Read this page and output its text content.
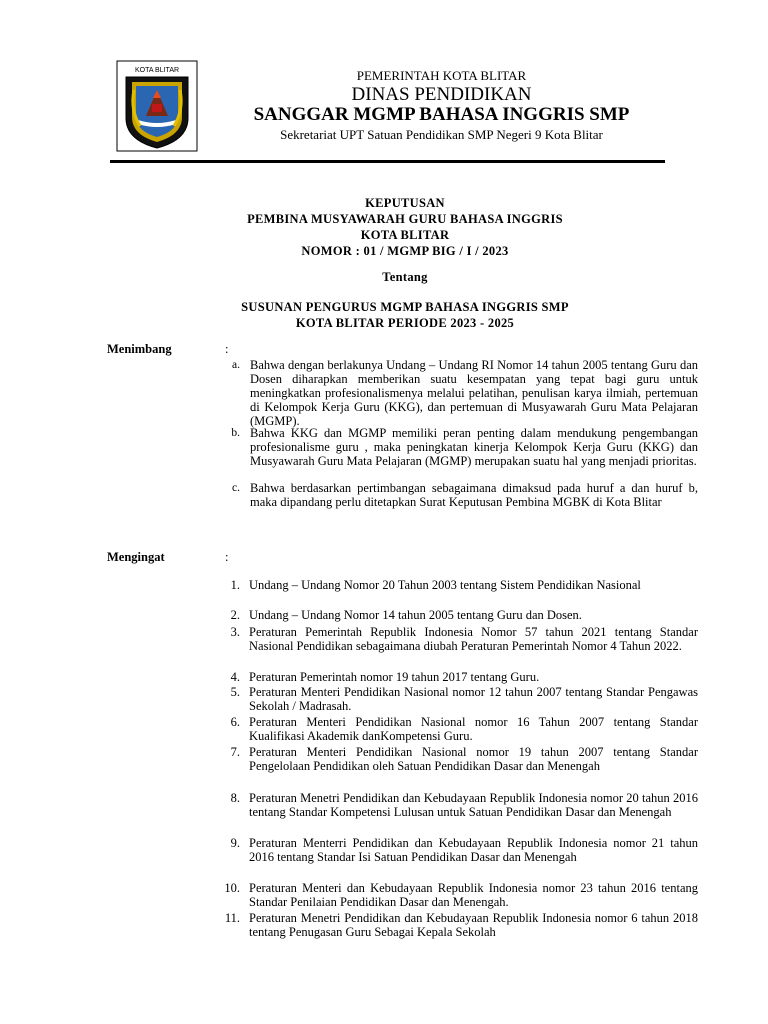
KOTA BLITAR	PEMERINTAH KOTA BLITAR
DINAS PENDIDIKAN
SANGGAR MGMP BAHASA INGGRIS SMP
Sekretariat UPT Satuan Pendidikan SMP Negeri 9 Kota Blitar
KEPUTUSAN
PEMBINA MUSYAWARAH GURU BAHASA INGGRIS
KOTA BLITAR
NOMOR : 01 / MGMP BIG / I / 2023
Tentang
SUSUNAN PENGURUS MGMP BAHASA INGGRIS SMP
KOTA BLITAR PERIODE 2023 - 2025
Menimbang	:
a. Bahwa dengan berlakunya Undang – Undang RI Nomor 14 tahun 2005 tentang Guru dan Dosen diharapkan memberikan suatu kesempatan yang tepat bagi guru untuk meningkatkan profesionalismenya melalui pelatihan, penulisan karya ilmiah, pertemuan di Kelompok Kerja Guru (KKG), dan pertemuan di Musyawarah Guru Mata Pelajaran (MGMP).
b. Bahwa KKG dan MGMP memiliki peran penting dalam mendukung pengembangan profesionalisme guru , maka peningkatan kinerja Kelompok Kerja Guru (KKG) dan Musyawarah Guru Mata Pelajaran (MGMP) merupakan suatu hal yang menjadi prioritas.
c. Bahwa berdasarkan pertimbangan sebagaimana dimaksud pada huruf a dan huruf b, maka dipandang perlu ditetapkan Surat Keputusan Pembina MGBK di Kota Blitar
Mengingat	:
1. Undang – Undang Nomor 20 Tahun 2003 tentang Sistem Pendidikan Nasional
2. Undang – Undang Nomor 14 tahun 2005 tentang Guru dan Dosen.
3. Peraturan Pemerintah Republik Indonesia Nomor 57 tahun 2021 tentang Standar Nasional Pendidikan sebagaimana diubah Peraturan Pemerintah Nomor 4 Tahun 2022.
4. Peraturan Pemerintah nomor 19 tahun 2017 tentang Guru.
5. Peraturan Menteri Pendidikan Nasional nomor 12 tahun 2007 tentang Standar Pengawas Sekolah / Madrasah.
6. Peraturan Menteri Pendidikan Nasional nomor 16 Tahun 2007 tentang Standar Kualifikasi Akademik danKompetensi Guru.
7. Peraturan Menteri Pendidikan Nasional nomor 19 tahun 2007 tentang Standar Pengelolaan Pendidikan oleh Satuan Pendidikan Dasar dan Menengah
8. Peraturan Menetri Pendidikan dan Kebudayaan Republik Indonesia nomor 20 tahun 2016 tentang Standar Kompetensi Lulusan untuk Satuan Pendidikan Dasar dan Menengah
9. Peraturan Menterri Pendidikan dan Kebudayaan Republik Indonesia nomor 21 tahun 2016 tentang Standar Isi Satuan Pendidikan Dasar dan Menengah
10. Peraturan Menteri dan Kebudayaan Republik Indonesia nomor 23 tahun 2016 tentang Standar Penilaian Pendidikan Dasar dan Menengah.
11. Peraturan Menetri Pendidikan dan Kebudayaan Republik Indonesia nomor 6 tahun 2018 tentang Penugasan Guru Sebagai Kepala Sekolah
